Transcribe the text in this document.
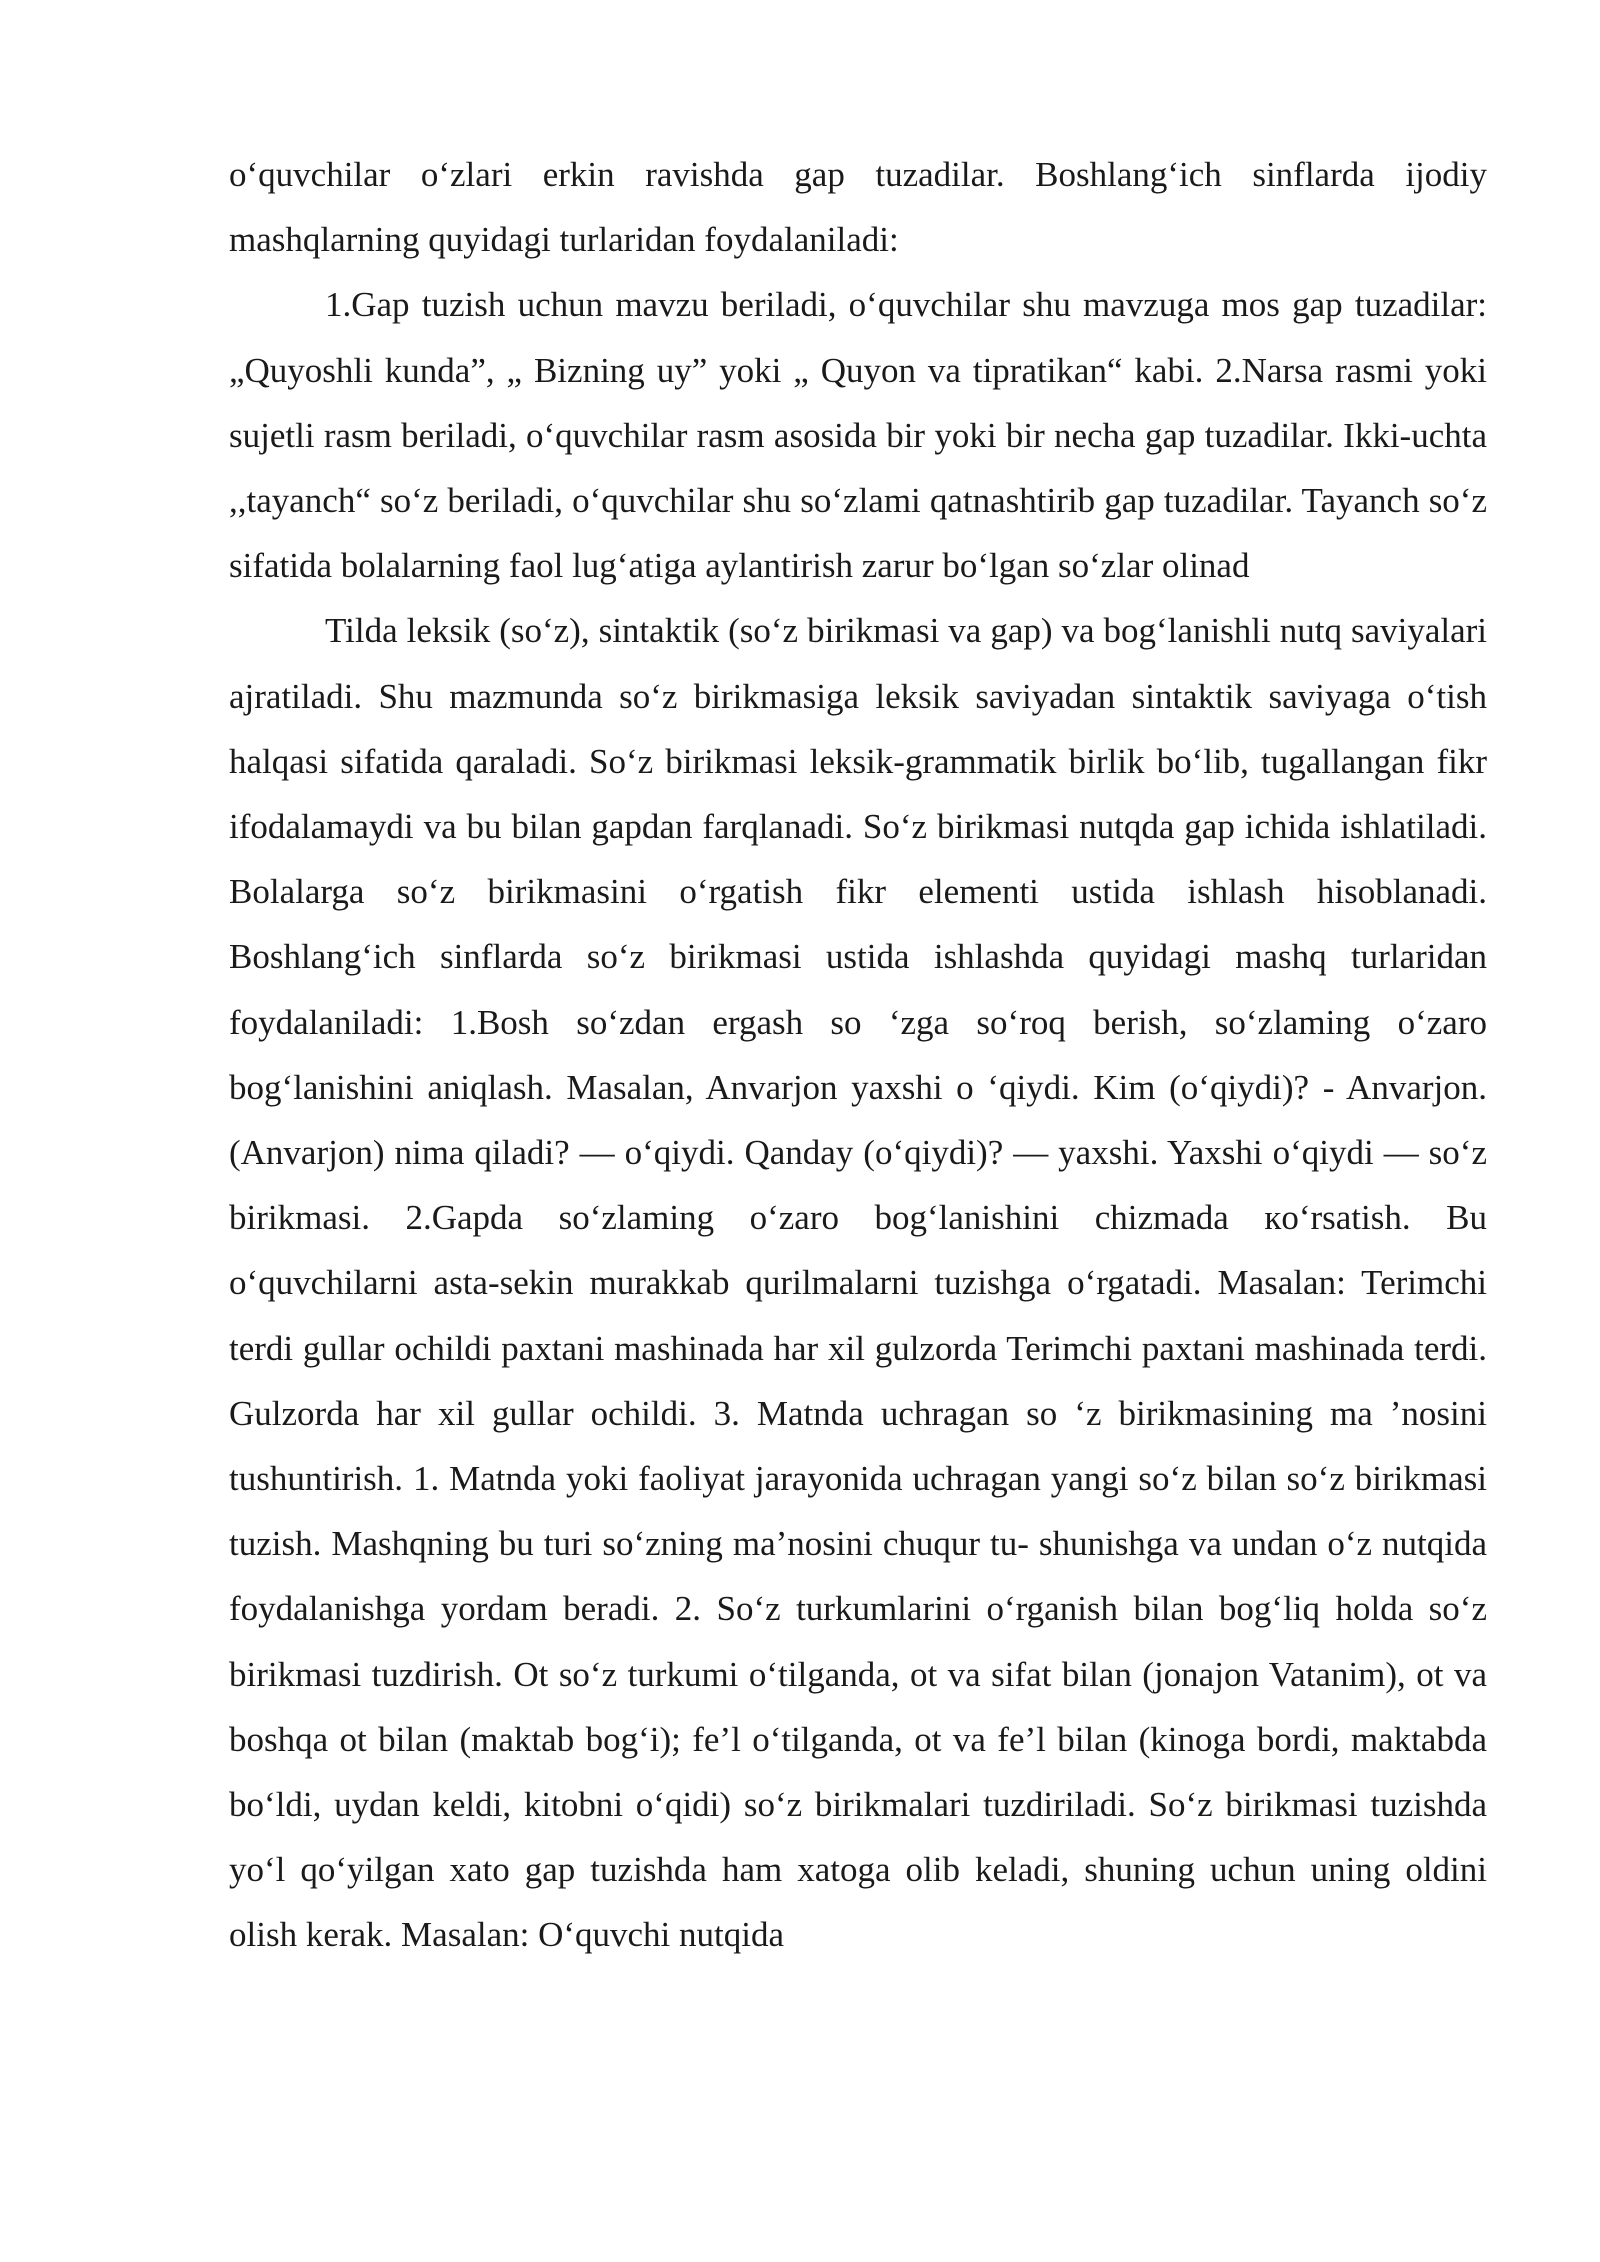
o‘quvchilar o‘zlari erkin ravishda gap tuzadilar. Boshlang‘ich sinflarda ijodiy mashqlarning quyidagi turlaridan foydalaniladi:

1.Gap tuzish uchun mavzu beriladi, o‘quvchilar shu mavzuga mos gap tuzadilar: „Quyoshli kunda”, „ Bizning uy” yoki „ Quyon va tipratikan“ kabi. 2.Narsa rasmi yoki sujetli rasm beriladi, o‘quvchilar rasm asosida bir yoki bir necha gap tuzadilar. Ikki-uchta ,,tayanch“ so‘z beriladi, o‘quvchilar shu so‘zlami qatnashtirib gap tuzadilar. Tayanch so‘z sifatida bolalarning faol lug‘atiga aylantirish zarur bo‘lgan so‘zlar olinad

Tilda leksik (so‘z), sintaktik (so‘z birikmasi va gap) va bog‘lanishli nutq saviyalari ajratiladi. Shu mazmunda so‘z birikmasiga leksik saviyadan sintaktik saviyaga o‘tish halqasi sifatida qaraladi. So‘z birikmasi leksik-grammatik birlik bo‘lib, tugallangan fikr ifodalamaydi va bu bilan gapdan farqlanadi. So‘z birikmasi nutqda gap ichida ishlatiladi. Bolalarga so‘z birikmasini o‘rgatish fikr elementi ustida ishlash hisoblanadi. Boshlang‘ich sinflarda so‘z birikmasi ustida ishlashda quyidagi mashq turlaridan foydalaniladi: 1.Bosh so‘zdan ergash so ‘zga so‘roq berish, so‘zlaming o‘zaro bog‘lanishini aniqlash. Masalan, Anvarjon yaxshi o ‘qiydi. Kim (o‘qiydi)? - Anvarjon. (Anvarjon) nima qiladi? — o‘qiydi. Qanday (o‘qiydi)? — yaxshi. Yaxshi o‘qiydi — so‘z birikmasi. 2.Gapda so‘zlaming o‘zaro bog‘lanishini chizmada кo‘rsatish. Bu o‘quvchilarni asta-sekin murakkab qurilmalarni tuzishga o‘rgatadi. Masalan: Terimchi terdi gullar ochildi paxtani mashinada har xil gulzorda Terimchi paxtani mashinada terdi. Gulzorda har xil gullar ochildi. 3. Matnda uchragan so ‘z birikmasining ma ’nosini tushuntirish. 1. Matnda yoki faoliyat jarayonida uchragan yangi so‘z bilan so‘z birikmasi tuzish. Mashqning bu turi so‘zning ma’nosini chuqur tu- shunishga va undan o‘z nutqida foydalanishga yordam beradi. 2. So‘z turkumlarini o‘rganish bilan bog‘liq holda so‘z birikmasi tuzdirish. Ot so‘z turkumi o‘tilganda, ot va sifat bilan (jonajon Vatanim), ot va boshqa ot bilan (maktab bog‘i); fe’l o‘tilganda, ot va fe’l bilan (kinoga bordi, maktabda bo‘ldi, uydan keldi, kitobni o‘qidi) so‘z birikmalari tuzdiriladi. So‘z birikmasi tuzishda yo‘l qo‘yilgan xato gap tuzishda ham xatoga olib keladi, shuning uchun uning oldini olish kerak. Masalan: O‘quvchi nutqida
